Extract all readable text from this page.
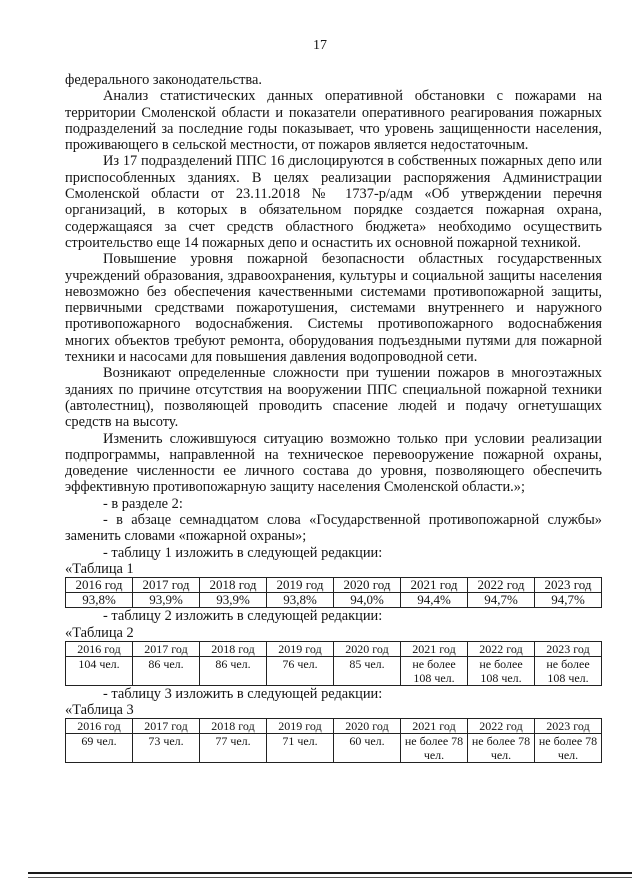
17

федерального законодательства.

Анализ статистических данных оперативной обстановки с пожарами на территории Смоленской области и показатели оперативного реагирования пожарных подразделений за последние годы показывает, что уровень защищенности населения, проживающего в сельской местности, от пожаров является недостаточным.

Из 17 подразделений ППС 16 дислоцируются в собственных пожарных депо или приспособленных зданиях. В целях реализации распоряжения Администрации Смоленской области от 23.11.2018 № 1737-р/адм «Об утверждении перечня организаций, в которых в обязательном порядке создается пожарная охрана, содержащаяся за счет средств областного бюджета» необходимо осуществить строительство еще 14 пожарных депо и оснастить их основной пожарной техникой.

Повышение уровня пожарной безопасности областных государственных учреждений образования, здравоохранения, культуры и социальной защиты населения невозможно без обеспечения качественными системами противопожарной защиты, первичными средствами пожаротушения, системами внутреннего и наружного противопожарного водоснабжения. Системы противопожарного водоснабжения многих объектов требуют ремонта, оборудования подъездными путями для пожарной техники и насосами для повышения давления водопроводной сети.

Возникают определенные сложности при тушении пожаров в многоэтажных зданиях по причине отсутствия на вооружении ППС специальной пожарной техники (автолестниц), позволяющей проводить спасение людей и подачу огнетушащих средств на высоту.

Изменить сложившуюся ситуацию возможно только при условии реализации подпрограммы, направленной на техническое перевооружение пожарной охраны, доведение численности ее личного состава до уровня, позволяющего обеспечить эффективную противопожарную защиту населения Смоленской области.»;

- в разделе 2:

- в абзаце семнадцатом слова «Государственной противопожарной службы» заменить словами «пожарной охраны»;

- таблицу 1 изложить в следующей редакции:

«Таблица 1

2016 год	2017 год	2018 год	2019 год	2020 год	2021 год	2022 год	2023 год
93,8%	93,9%	93,9%	93,8%	94,0%	94,4%	94,7%	94,7%

- таблицу 2 изложить в следующей редакции:

«Таблица 2

2016 год	2017 год	2018 год	2019 год	2020 год	2021 год	2022 год	2023 год
104 чел.	86 чел.	86 чел.	76 чел.	85 чел.	не более 108 чел.	не более 108 чел.	не более 108 чел.

- таблицу 3 изложить в следующей редакции:

«Таблица 3

2016 год	2017 год	2018 год	2019 год	2020 год	2021 год	2022 год	2023 год
69 чел.	73 чел.	77 чел.	71 чел.	60 чел.	не более 78 чел.	не более 78 чел.	не более 78 чел.
